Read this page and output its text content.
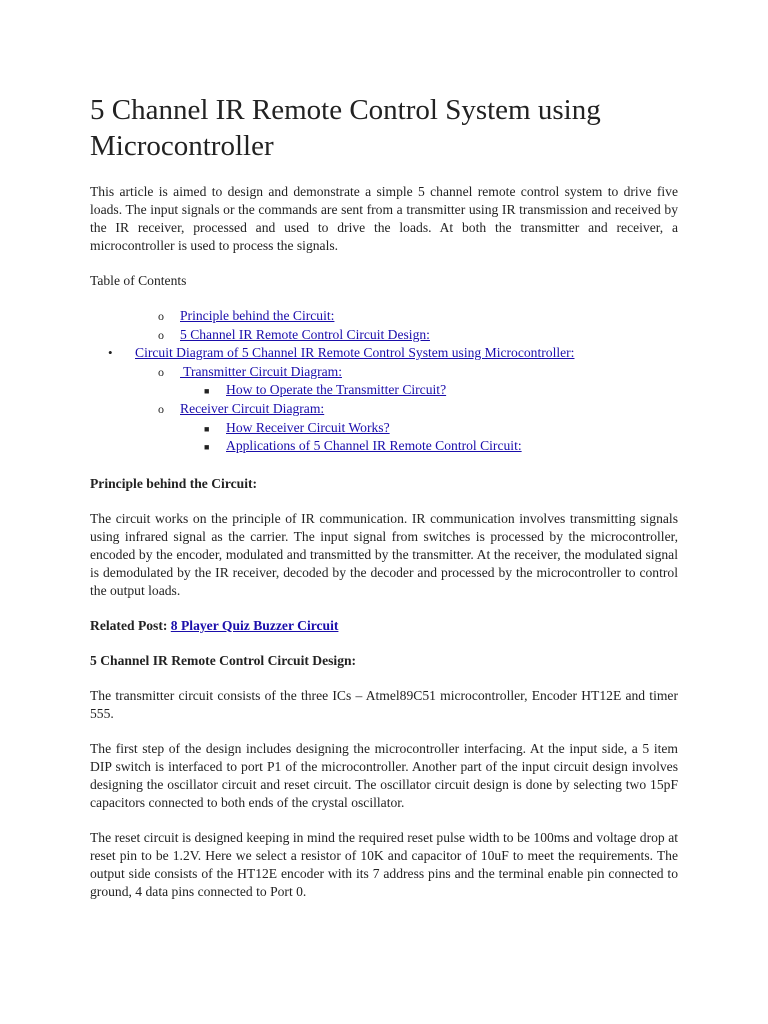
5 Channel IR Remote Control System using Microcontroller

This article is aimed to design and demonstrate a simple 5 channel remote control system to drive five loads. The input signals or the commands are sent from a transmitter using IR transmission and received by the IR receiver, processed and used to drive the loads. At both the transmitter and receiver, a microcontroller is used to process the signals.

Table of Contents

o Principle behind the Circuit:
o 5 Channel IR Remote Control Circuit Design:
• Circuit Diagram of 5 Channel IR Remote Control System using Microcontroller:
o Transmitter Circuit Diagram:
■ How to Operate the Transmitter Circuit?
o Receiver Circuit Diagram:
■ How Receiver Circuit Works?
■ Applications of 5 Channel IR Remote Control Circuit:

Principle behind the Circuit:

The circuit works on the principle of IR communication. IR communication involves transmitting signals using infrared signal as the carrier. The input signal from switches is processed by the microcontroller, encoded by the encoder, modulated and transmitted by the transmitter. At the receiver, the modulated signal is demodulated by the IR receiver, decoded by the decoder and processed by the microcontroller to control the output loads.

Related Post: 8 Player Quiz Buzzer Circuit

5 Channel IR Remote Control Circuit Design:

The transmitter circuit consists of the three ICs – Atmel89C51 microcontroller, Encoder HT12E and timer 555.

The first step of the design includes designing the microcontroller interfacing. At the input side, a 5 item DIP switch is interfaced to port P1 of the microcontroller. Another part of the input circuit design involves designing the oscillator circuit and reset circuit. The oscillator circuit design is done by selecting two 15pF capacitors connected to both ends of the crystal oscillator.

The reset circuit is designed keeping in mind the required reset pulse width to be 100ms and voltage drop at reset pin to be 1.2V. Here we select a resistor of 10K and capacitor of 10uF to meet the requirements. The output side consists of the HT12E encoder with its 7 address pins and the terminal enable pin connected to ground, 4 data pins connected to Port 0.
